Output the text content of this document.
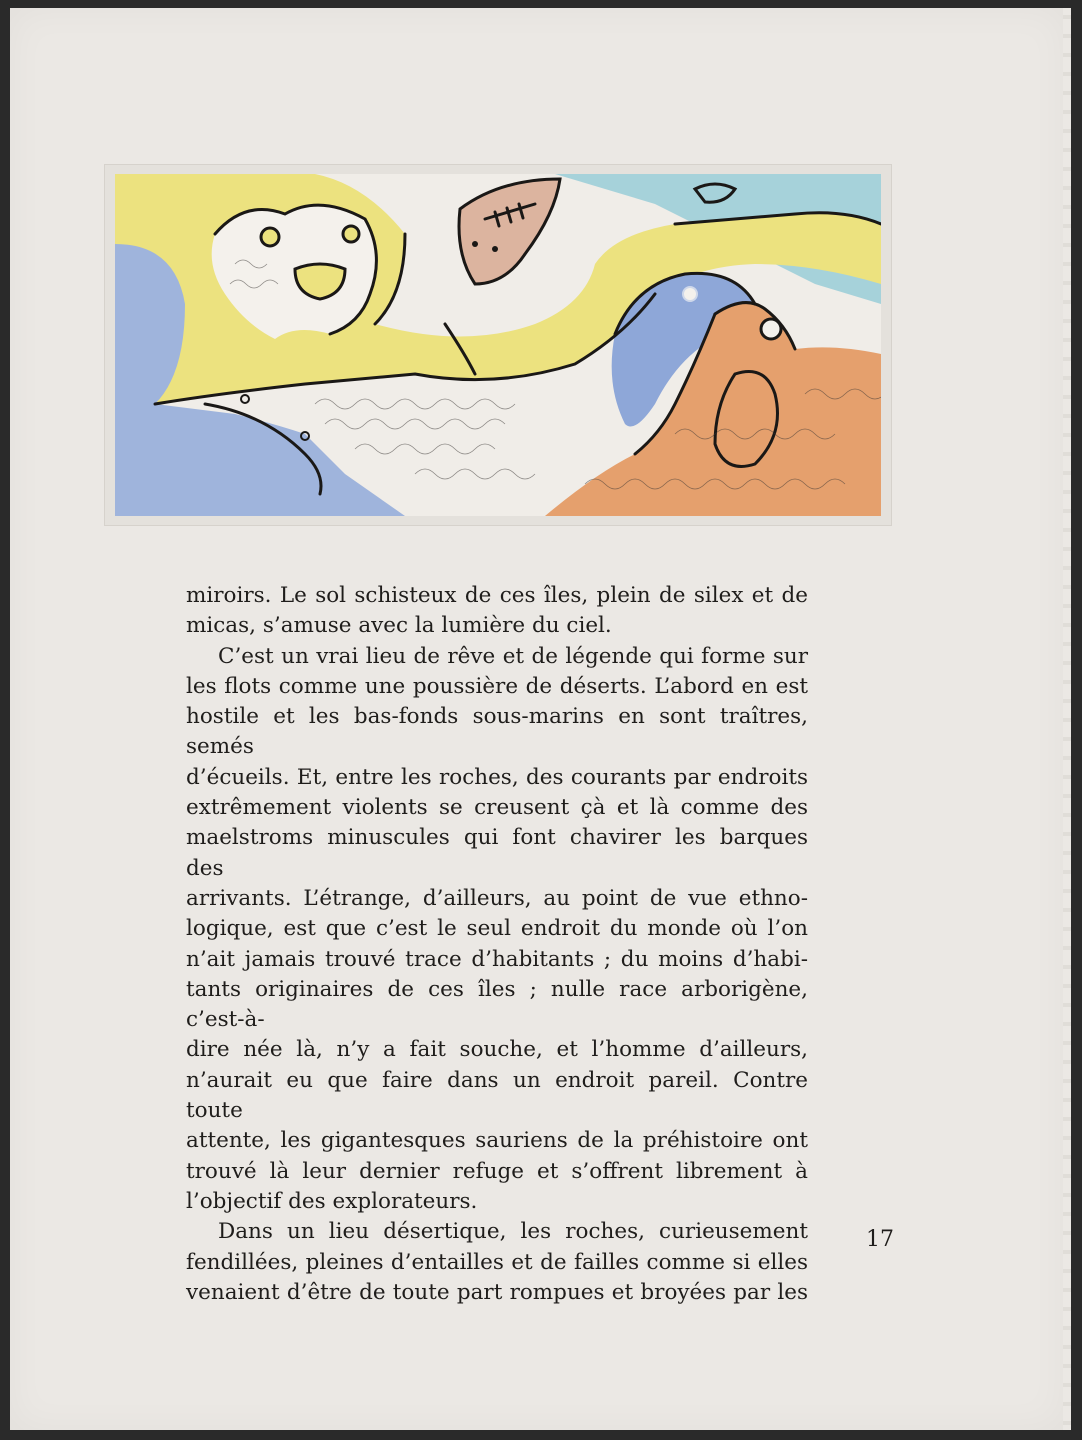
miroirs. Le sol schisteux de ces îles, plein de silex et de
micas, s’amuse avec la lumière du ciel.

C’est un vrai lieu de rêve et de légende qui forme sur
les flots comme une poussière de déserts. L’abord en est
hostile et les bas-fonds sous-marins en sont traîtres, semés
d’écueils. Et, entre les roches, des courants par endroits
extrêmement violents se creusent çà et là comme des
maelstroms minuscules qui font chavirer les barques des
arrivants. L’étrange, d’ailleurs, au point de vue ethno-
logique, est que c’est le seul endroit du monde où l’on
n’ait jamais trouvé trace d’habitants ; du moins d’habi-
tants originaires de ces îles ; nulle race arborigène, c’est-à-
dire née là, n’y a fait souche, et l’homme d’ailleurs,
n’aurait eu que faire dans un endroit pareil. Contre toute
attente, les gigantesques sauriens de la préhistoire ont
trouvé là leur dernier refuge et s’offrent librement à
l’objectif des explorateurs.

Dans un lieu désertique, les roches, curieusement
fendillées, pleines d’entailles et de failles comme si elles
venaient d’être de toute part rompues et broyées par les

17
